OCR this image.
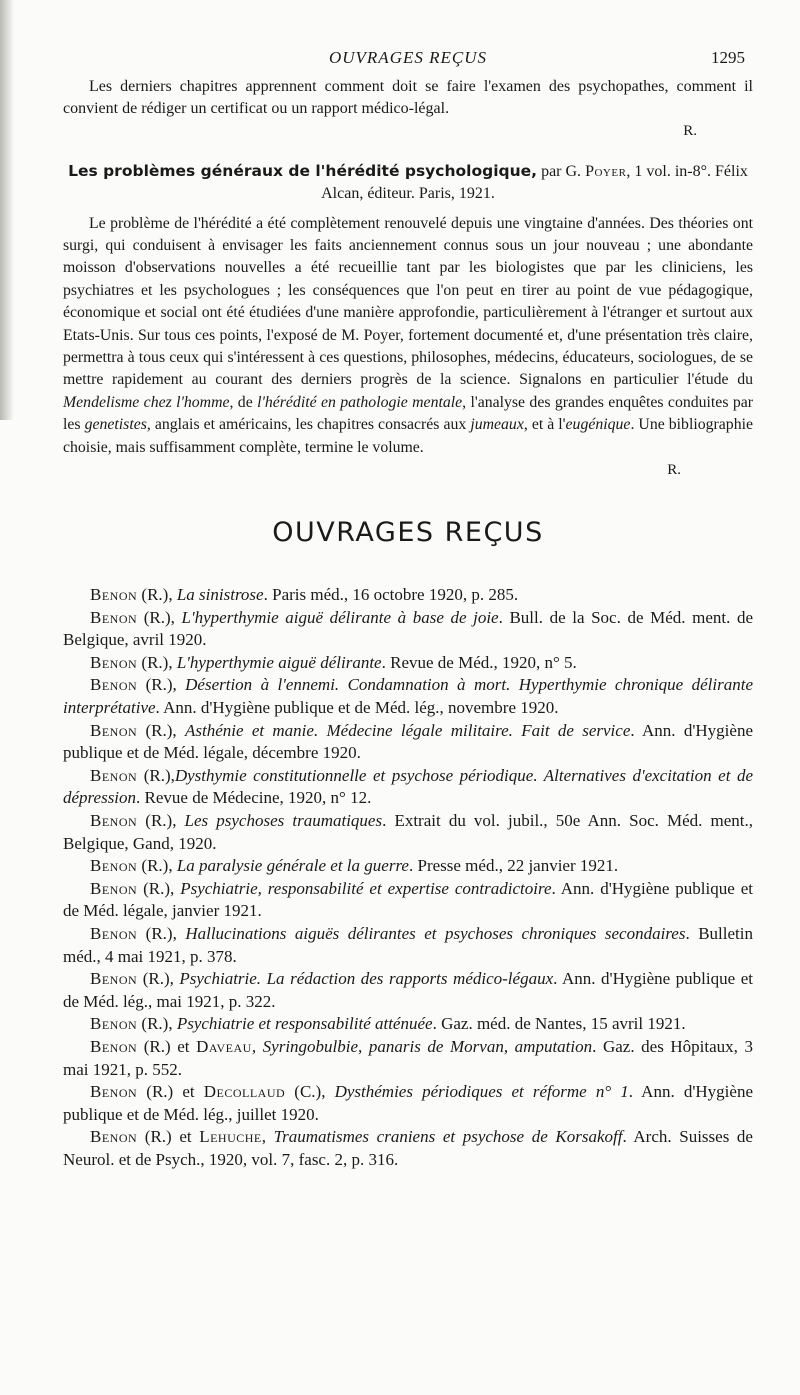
OUVRAGES REÇUS	1295

Les derniers chapitres apprennent comment doit se faire l'examen des psychopathes, comment il convient de rédiger un certificat ou un rapport médico-légal.

R.

Les problèmes généraux de l'hérédité psychologique, par G. Poyer, 1 vol. in-8°. Félix Alcan, éditeur. Paris, 1921.

Le problème de l'hérédité a été complètement renouvelé depuis une vingtaine d'années. Des théories ont surgi, qui conduisent à envisager les faits anciennement connus sous un jour nouveau ; une abondante moisson d'observations nouvelles a été recueillie tant par les biologistes que par les cliniciens, les psychiatres et les psychologues ; les conséquences que l'on peut en tirer au point de vue pédagogique, économique et social ont été étudiées d'une manière approfondie, particulièrement à l'étranger et surtout aux Etats-Unis. Sur tous ces points, l'exposé de M. Poyer, fortement documenté et, d'une présentation très claire, permettra à tous ceux qui s'intéressent à ces questions, philosophes, médecins, éducateurs, sociologues, de se mettre rapidement au courant des derniers progrès de la science. Signalons en particulier l'étude du Mendelisme chez l'homme, de l'hérédité en pathologie mentale, l'analyse des grandes enquêtes conduites par les genetistes, anglais et américains, les chapitres consacrés aux jumeaux, et à l'eugénique. Une bibliographie choisie, mais suffisamment complète, termine le volume.

R.

OUVRAGES REÇUS

Benon (R.), La sinistrose. Paris méd., 16 octobre 1920, p. 285.

Benon (R.), L'hyperthymie aiguë délirante à base de joie. Bull. de la Soc. de Méd. ment. de Belgique, avril 1920.

Benon (R.), L'hyperthymie aiguë délirante. Revue de Méd., 1920, n° 5.

Benon (R.), Désertion à l'ennemi. Condamnation à mort. Hyperthymie chronique délirante interprétative. Ann. d'Hygiène publique et de Méd. lég., novembre 1920.

Benon (R.), Asthénie et manie. Médecine légale militaire. Fait de service. Ann. d'Hygiène publique et de Méd. légale, décembre 1920.

Benon (R.),Dysthymie constitutionnelle et psychose périodique. Alternatives d'excitation et de dépression. Revue de Médecine, 1920, n° 12.

Benon (R.), Les psychoses traumatiques. Extrait du vol. jubil., 50e Ann. Soc. Méd. ment., Belgique, Gand, 1920.

Benon (R.), La paralysie générale et la guerre. Presse méd., 22 janvier 1921.

Benon (R.), Psychiatrie, responsabilité et expertise contradictoire. Ann. d'Hygiène publique et de Méd. légale, janvier 1921.

Benon (R.), Hallucinations aiguës délirantes et psychoses chroniques secondaires. Bulletin méd., 4 mai 1921, p. 378.

Benon (R.), Psychiatrie. La rédaction des rapports médico-légaux. Ann. d'Hygiène publique et de Méd. lég., mai 1921, p. 322.

Benon (R.), Psychiatrie et responsabilité atténuée. Gaz. méd. de Nantes, 15 avril 1921.

Benon (R.) et Daveau, Syringobulbie, panaris de Morvan, amputation. Gaz. des Hôpitaux, 3 mai 1921, p. 552.

Benon (R.) et Decollaud (C.), Dysthémies périodiques et réforme n° 1. Ann. d'Hygiène publique et de Méd. lég., juillet 1920.

Benon (R.) et Lehuche, Traumatismes craniens et psychose de Korsakoff. Arch. Suisses de Neurol. et de Psych., 1920, vol. 7, fasc. 2, p. 316.
